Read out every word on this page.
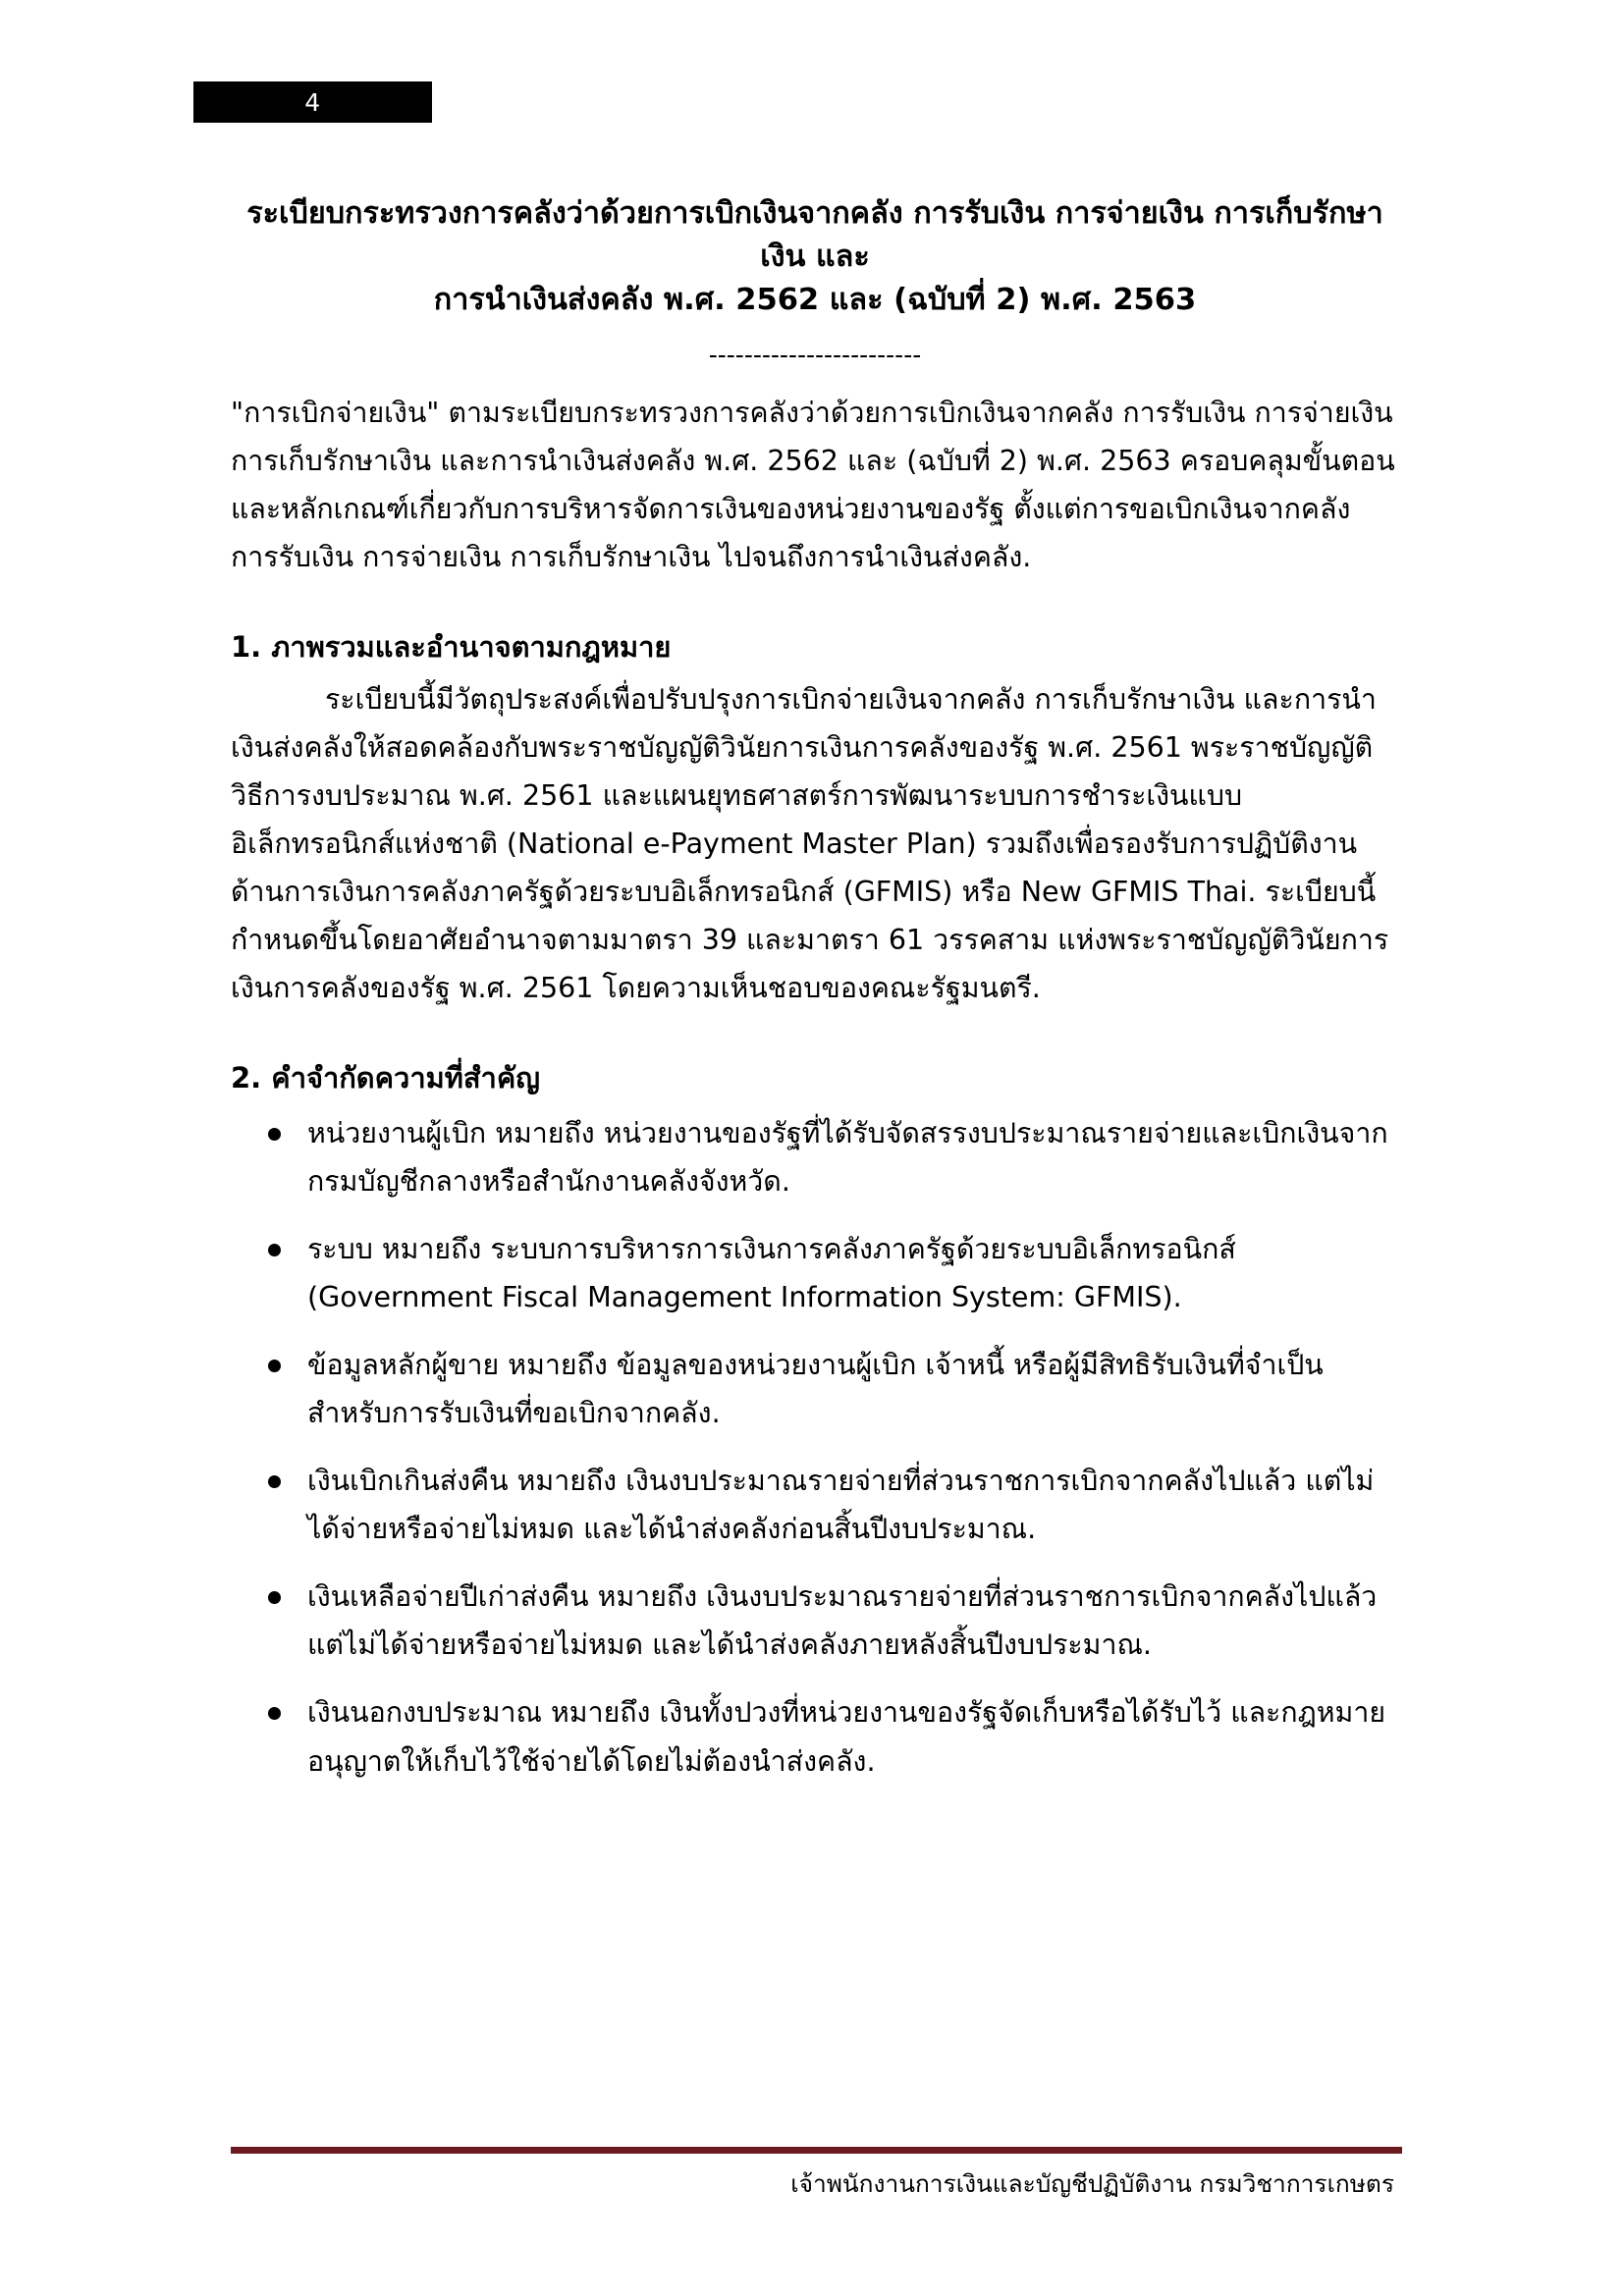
4
ระเบียบกระทรวงการคลังว่าด้วยการเบิกเงินจากคลัง การรับเงิน การจ่ายเงิน การเก็บรักษาเงิน และ
การนำเงินส่งคลัง พ.ศ. 2562 และ (ฉบับที่ 2) พ.ศ. 2563
------------------------

"การเบิกจ่ายเงิน" ตามระเบียบกระทรวงการคลังว่าด้วยการเบิกเงินจากคลัง การรับเงิน การจ่ายเงิน การเก็บรักษาเงิน และการนำเงินส่งคลัง พ.ศ. 2562 และ (ฉบับที่ 2) พ.ศ. 2563 ครอบคลุมขั้นตอนและหลักเกณฑ์เกี่ยวกับการบริหารจัดการเงินของหน่วยงานของรัฐ ตั้งแต่การขอเบิกเงินจากคลัง การรับเงิน การจ่ายเงิน การเก็บรักษาเงิน ไปจนถึงการนำเงินส่งคลัง.

1. ภาพรวมและอำนาจตามกฎหมาย

ระเบียบนี้มีวัตถุประสงค์เพื่อปรับปรุงการเบิกจ่ายเงินจากคลัง การเก็บรักษาเงิน และการนำเงินส่งคลังให้สอดคล้องกับพระราชบัญญัติวินัยการเงินการคลังของรัฐ พ.ศ. 2561 พระราชบัญญัติวิธีการงบประมาณ พ.ศ. 2561 และแผนยุทธศาสตร์การพัฒนาระบบการชำระเงินแบบอิเล็กทรอนิกส์แห่งชาติ (National e-Payment Master Plan) รวมถึงเพื่อรองรับการปฏิบัติงานด้านการเงินการคลังภาครัฐด้วยระบบอิเล็กทรอนิกส์ (GFMIS) หรือ New GFMIS Thai. ระเบียบนี้กำหนดขึ้นโดยอาศัยอำนาจตามมาตรา 39 และมาตรา 61 วรรคสาม แห่งพระราชบัญญัติวินัยการเงินการคลังของรัฐ พ.ศ. 2561 โดยความเห็นชอบของคณะรัฐมนตรี.

2. คำจำกัดความที่สำคัญ
หน่วยงานผู้เบิก หมายถึง หน่วยงานของรัฐที่ได้รับจัดสรรงบประมาณรายจ่ายและเบิกเงินจากกรมบัญชีกลางหรือสำนักงานคลังจังหวัด.
ระบบ หมายถึง ระบบการบริหารการเงินการคลังภาครัฐด้วยระบบอิเล็กทรอนิกส์ (Government Fiscal Management Information System: GFMIS).
ข้อมูลหลักผู้ขาย หมายถึง ข้อมูลของหน่วยงานผู้เบิก เจ้าหนี้ หรือผู้มีสิทธิรับเงินที่จำเป็นสำหรับการรับเงินที่ขอเบิกจากคลัง.
เงินเบิกเกินส่งคืน หมายถึง เงินงบประมาณรายจ่ายที่ส่วนราชการเบิกจากคลังไปแล้ว แต่ไม่ได้จ่ายหรือจ่ายไม่หมด และได้นำส่งคลังก่อนสิ้นปีงบประมาณ.
เงินเหลือจ่ายปีเก่าส่งคืน หมายถึง เงินงบประมาณรายจ่ายที่ส่วนราชการเบิกจากคลังไปแล้ว แต่ไม่ได้จ่ายหรือจ่ายไม่หมด และได้นำส่งคลังภายหลังสิ้นปีงบประมาณ.
เงินนอกงบประมาณ หมายถึง เงินทั้งปวงที่หน่วยงานของรัฐจัดเก็บหรือได้รับไว้ และกฎหมายอนุญาตให้เก็บไว้ใช้จ่ายได้โดยไม่ต้องนำส่งคลัง.
เจ้าพนักงานการเงินและบัญชีปฏิบัติงาน กรมวิชาการเกษตร
